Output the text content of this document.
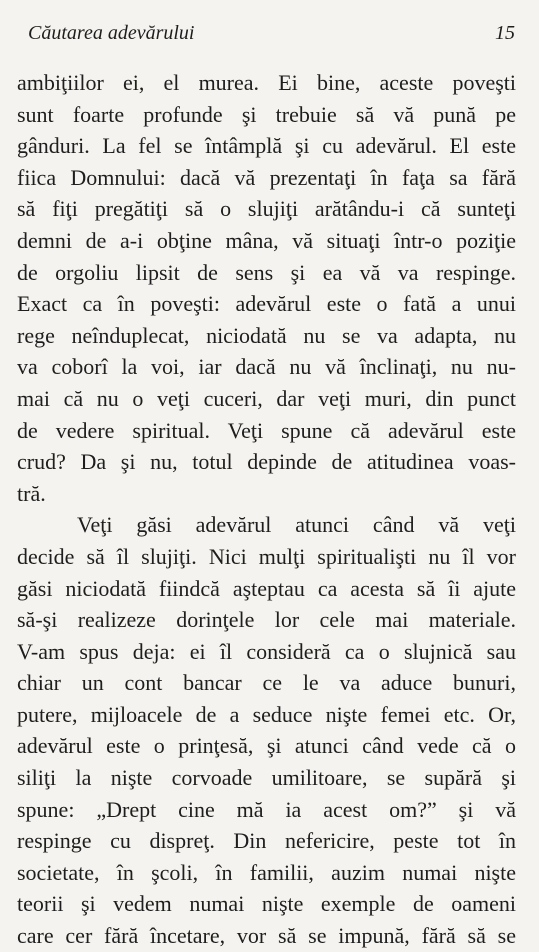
Căutarea adevărului	15
ambiţiilor ei, el murea. Ei bine, aceste poveşti
sunt foarte profunde şi trebuie să vă pună pe
gânduri. La fel se întâmplă şi cu adevărul. El este
fiica Domnului: dacă vă prezentaţi în faţa sa fără
să fiţi pregătiţi să o slujiţi arătându-i că sunteţi
demni de a-i obţine mâna, vă situaţi într-o poziţie
de orgoliu lipsit de sens şi ea vă va respinge.
Exact ca în poveşti: adevărul este o fată a unui
rege neînduplecat, niciodată nu se va adapta, nu
va coborî la voi, iar dacă nu vă înclinaţi, nu nu-
mai că nu o veţi cuceri, dar veţi muri, din punct
de vedere spiritual. Veţi spune că adevărul este
crud? Da şi nu, totul depinde de atitudinea voas-
tră.
Veţi găsi adevărul atunci când vă veţi
decide să îl slujiţi. Nici mulţi spiritualişti nu îl vor
găsi niciodată fiindcă aşteptau ca acesta să îi ajute
să-şi realizeze dorinţele lor cele mai materiale.
V-am spus deja: ei îl consideră ca o slujnică sau
chiar un cont bancar ce le va aduce bunuri,
putere, mijloacele de a seduce nişte femei etc. Or,
adevărul este o prinţesă, şi atunci când vede că o
siliţi la nişte corvoade umilitoare, se supără şi
spune: „Drept cine mă ia acest om?” şi vă
respinge cu dispreţ. Din nefericire, peste tot în
societate, în şcoli, în familii, auzim numai nişte
teorii şi vedem numai nişte exemple de oameni
care cer fără încetare, vor să se impună, fără să se
